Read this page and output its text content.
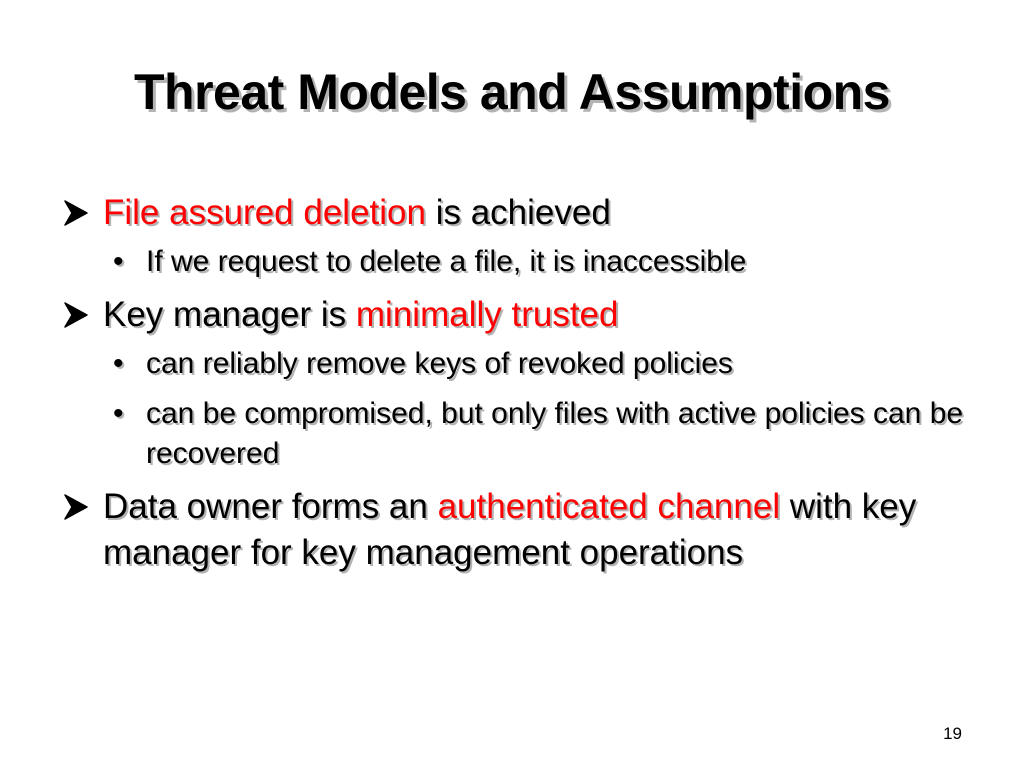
Threat Models and Assumptions
File assured deletion is achieved
• If we request to delete a file, it is inaccessible
Key manager is minimally trusted
• can reliably remove keys of revoked policies
• can be compromised, but only files with active policies can be recovered
Data owner forms an authenticated channel with key manager for key management operations
19
